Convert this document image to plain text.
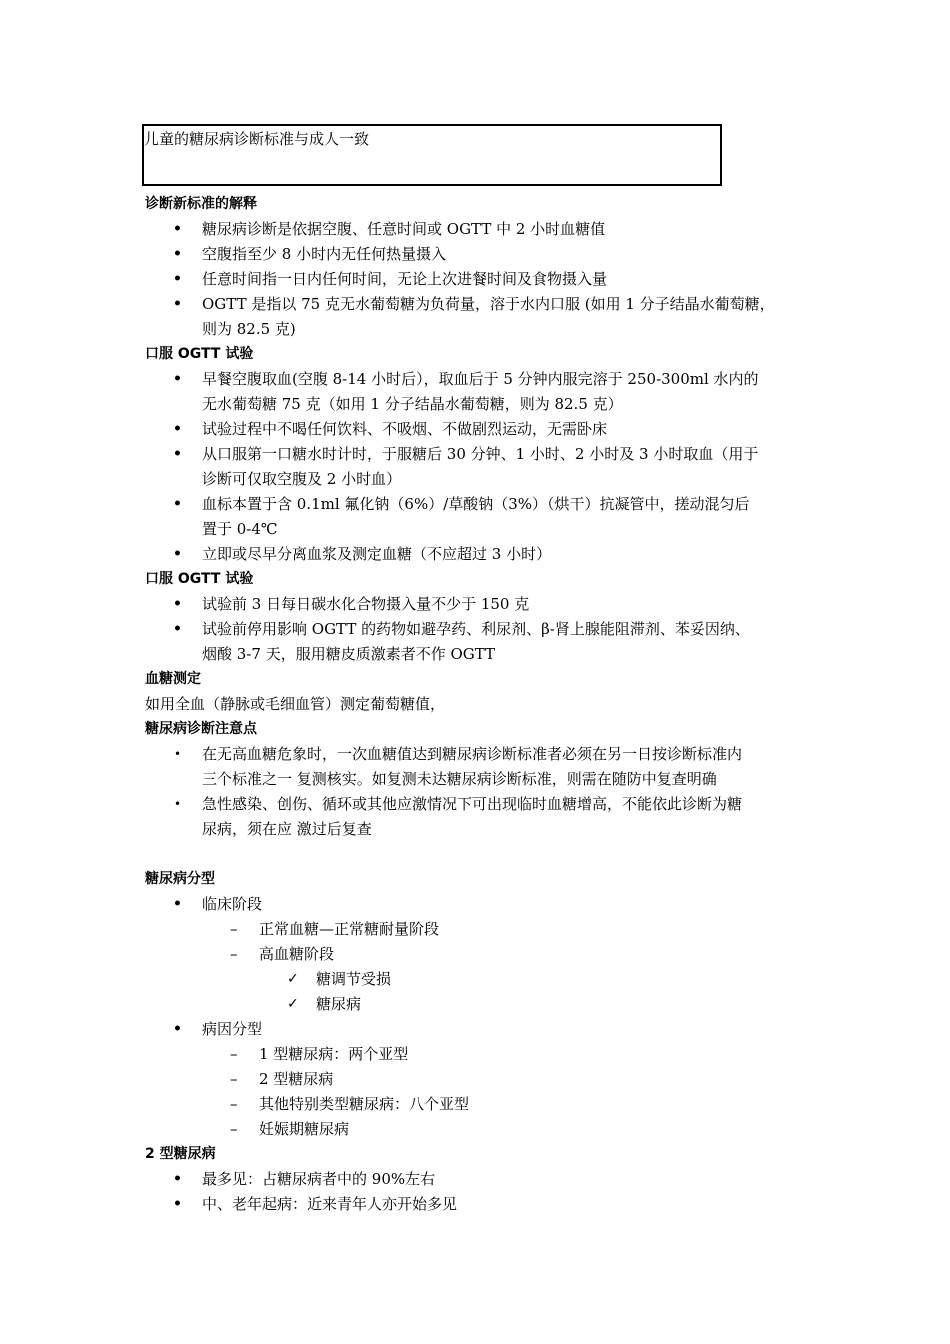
儿童的糖尿病诊断标准与成人一致
诊断新标准的解释
• 糖尿病诊断是依据空腹、任意时间或 OGTT 中 2 小时血糖值
• 空腹指至少 8 小时内无任何热量摄入
• 任意时间指一日内任何时间，无论上次进餐时间及食物摄入量
• OGTT 是指以 75 克无水葡萄糖为负荷量，溶于水内口服 (如用 1 分子结晶水葡萄糖，
则为 82.5 克)
口服 OGTT 试验
• 早餐空腹取血(空腹 8-14 小时后），取血后于 5 分钟内服完溶于 250-300ml 水内的
无水葡萄糖 75 克（如用 1 分子结晶水葡萄糖，则为 82.5 克）
• 试验过程中不喝任何饮料、不吸烟、不做剧烈运动，无需卧床
• 从口服第一口糖水时计时，于服糖后 30 分钟、1 小时、2 小时及 3 小时取血（用于
诊断可仅取空腹及 2 小时血）
• 血标本置于含 0.1ml 氟化钠（6%）/草酸钠（3%）（烘干）抗凝管中，搓动混匀后
置于 0-4℃
• 立即或尽早分离血浆及测定血糖（不应超过 3 小时）
口服 OGTT 试验
• 试验前 3 日每日碳水化合物摄入量不少于 150 克
• 试验前停用影响 OGTT 的药物如避孕药、利尿剂、β-肾上腺能阻滞剂、苯妥因纳、
烟酸 3-7 天，服用糖皮质激素者不作 OGTT
血糖测定
如用全血（静脉或毛细血管）测定葡萄糖值，
糖尿病诊断注意点
• 在无高血糖危象时，一次血糖值达到糖尿病诊断标准者必须在另一日按诊断标准内
三个标准之一 复测核实。如复测未达糖尿病诊断标准，则需在随防中复查明确
• 急性感染、创伤、循环或其他应激情况下可出现临时血糖增高，不能依此诊断为糖
尿病，须在应 激过后复查
糖尿病分型
• 临床阶段
– 正常血糖—正常糖耐量阶段
– 高血糖阶段
✓ 糖调节受损
✓ 糖尿病
• 病因分型
– 1 型糖尿病：两个亚型
– 2 型糖尿病
– 其他特别类型糖尿病：八个亚型
– 妊娠期糖尿病
2 型糖尿病
• 最多见：占糖尿病者中的 90%左右
• 中、老年起病：近来青年人亦开始多见
